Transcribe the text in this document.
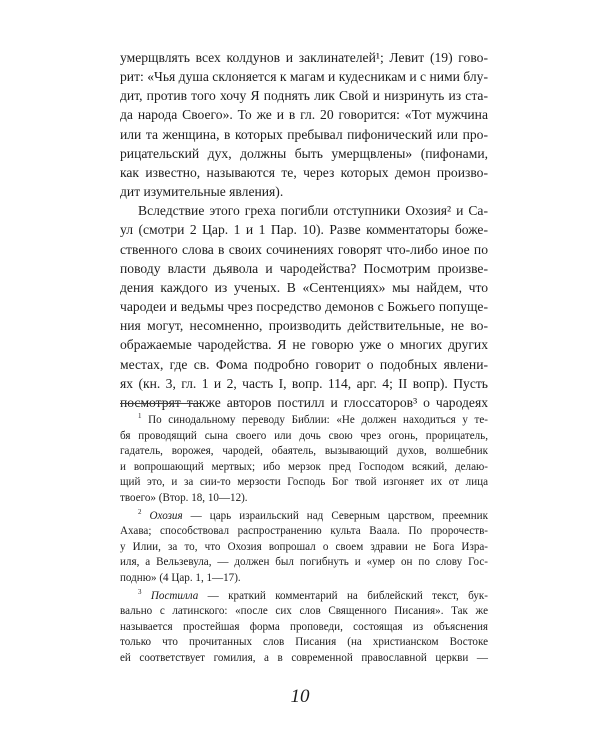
умерщвлять всех колдунов и заклинателей¹; Левит (19) гово-
рит: «Чья душа склоняется к магам и кудесникам и с ними блу-
дит, против того хочу Я поднять лик Свой и низринуть из ста-
да народа Своего». То же и в гл. 20 говорится: «Тот мужчина
или та женщина, в которых пребывал пифонический или про-
рицательский дух, должны быть умерщвлены» (пифонами,
как известно, называются те, через которых демон произво-
дит изумительные явления).

Вследствие этого греха погибли отступники Охозия² и Са-
ул (смотри 2 Цар. 1 и 1 Пар. 10). Разве комментаторы боже-
ственного слова в своих сочинениях говорят что-либо иное по
поводу власти дьявола и чародейства? Посмотрим произве-
дения каждого из ученых. В «Сентенциях» мы найдем, что
чародеи и ведьмы чрез посредство демонов с Божьего попуще-
ния могут, несомненно, производить действительные, не во-
ображаемые чародейства. Я не говорю уже о многих других
местах, где св. Фома подробно говорит о подобных явлени-
ях (кн. 3, гл. 1 и 2, часть I, вопр. 114, арг. 4; II вопр). Пусть
посмотрят также авторов постилл и глоссаторов³ о чародеях

$^1$ По синодальному переводу Библии: «Не должен находиться у те-
бя проводящий сына своего или дочь свою чрез огонь, прорицатель,
гадатель, ворожея, чародей, обаятель, вызывающий духов, волшебник
и вопрошающий мертвых; ибо мерзок пред Господом всякий, делаю-
щий это, и за сии-то мерзости Господь Бог твой изгоняет их от лица
твоего» (Втор. 18, 10—12).
$^2$ Охозия — царь израильский над Северным царством, преемник
Ахава; способствовал распространению культа Ваала. По пророчеств-
у Илии, за то, что Охозия вопрошал о своем здравии не Бога Изра-
иля, а Вельзевула, — должен был погибнуть и «умер он по слову Гос-
подню» (4 Цар. 1, 1—17).
$^3$ Постилла — краткий комментарий на библейский текст, бук-
вально с латинского: «после сих слов Священного Писания». Так же
называется простейшая форма проповеди, состоящая из объяснения
только что прочитанных слов Писания (на христианском Востоке
ей соответствует гомилия, а в современной православной церкви —
10
